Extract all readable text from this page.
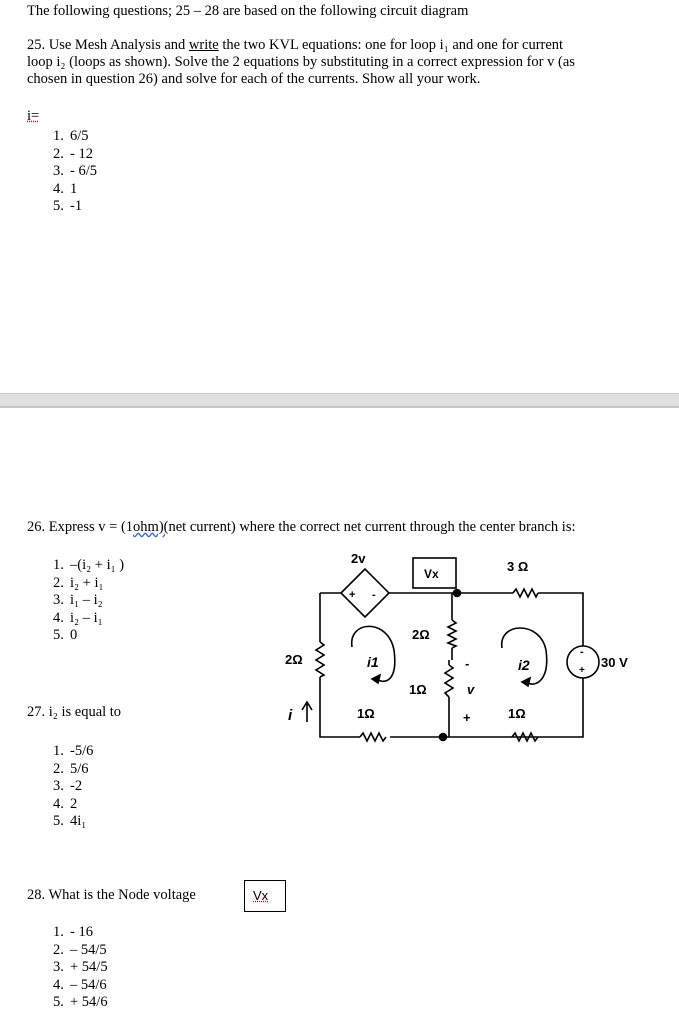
The following questions; 25 – 28 are based on the following circuit diagram
25. Use Mesh Analysis and write the two KVL equations: one for loop i₁ and one for current
loop i₂ (loops as shown). Solve the 2 equations by substituting in a correct expression for v (as
chosen in question 26) and solve for each of the currents. Show all your work.
i=
1. 6/5
2. - 12
3. - 6/5
4. 1
5. -1
26. Express v = (1ohm)(net current) where the correct net current through the center branch is:
1. –(i₂ + i₁ )
2. i₂ + i₁
3. i₁ – i₂
4. i₂ – i₁
5. 0
27. i₂ is equal to
1. -5/6
2. 5/6
3. -2
4. 2
5. 4i₁
28. What is the Node voltage	Vx
1. - 16
2. – 54/5
3. + 54/5
4. – 54/6
5. + 54/6
2v
+ -
Vx	3 Ω
2Ω
2Ω
1Ω
1Ω	1Ω
-
v
+
i1	i2
-
+
30 V
i
